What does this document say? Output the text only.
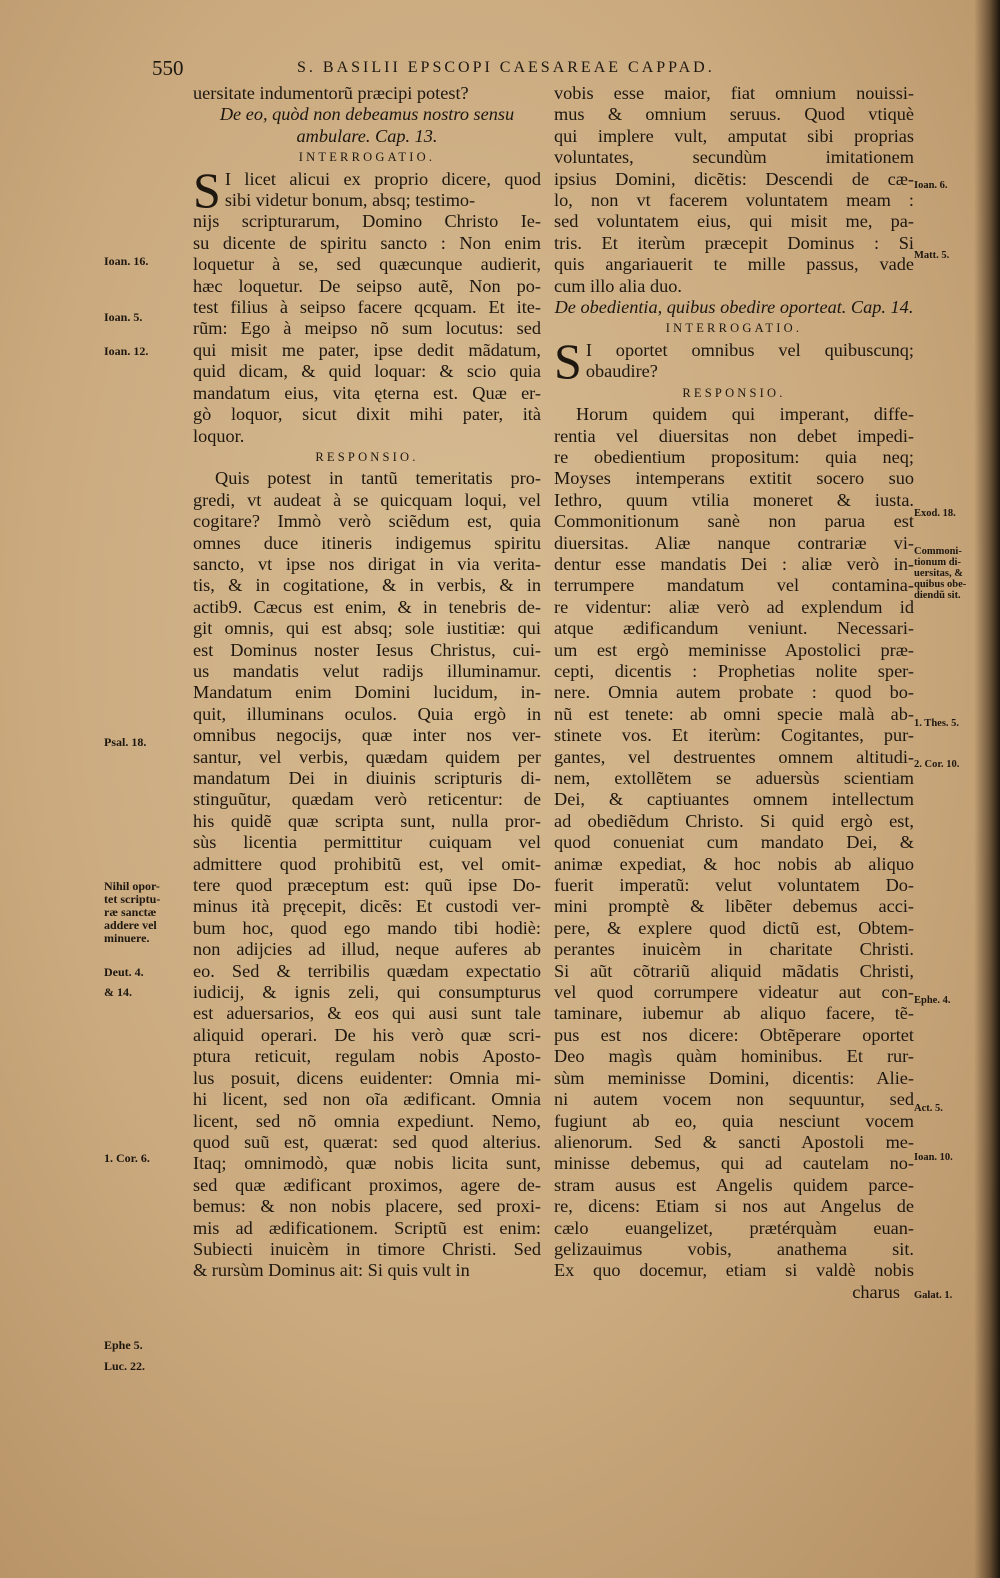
550	S. BASILII EPSCOPI CAESAREAE CAPPAD.
uersitate indumentorũ præcipi potest?
De eo, quòd non debeamus nostro sensu
ambulare. Cap. 13.
INTERROGATIO.
S I licet alicui ex proprio dicere, quod
sibi videtur bonum, absq; testimo-
nijs scripturarum, Domino Christo Ie-
su dicente de spiritu sancto : Non enim
loquetur à se, sed quæcunque audierit,
hæc loquetur. De seipso autẽ, Non po-
test filius à seipso facere qcquam. Et ite-
rũm: Ego à meipso nõ sum locutus: sed
qui misit me pater, ipse dedit mãdatum,
quid dicam, & quid loquar: & scio quia
mandatum eius, vita ęterna est. Quæ er-
gò loquor, sicut dixit mihi pater, ità
loquor.
RESPONSIO.
Quis potest in tantũ temeritatis pro-
gredi, vt audeat à se quicquam loqui, vel
cogitare? Immò verò sciẽdum est, quia
omnes duce itineris indigemus spiritu
sancto, vt ipse nos dirigat in via verita-
tis, & in cogitatione, & in verbis, & in
actib9. Cæcus est enim, & in tenebris de-
git omnis, qui est absq; sole iustitiæ: qui
est Dominus noster Iesus Christus, cui-
us mandatis velut radijs illuminamur.
Mandatum enim Domini lucidum, in-
quit, illuminans oculos. Quia ergò in
omnibus negocijs, quæ inter nos ver-
santur, vel verbis, quædam quidem per
mandatum Dei in diuinis scripturis di-
stinguũtur, quædam verò reticentur: de
his quidẽ quæ scripta sunt, nulla pror-
sùs licentia permittitur cuiquam vel
admittere quod prohibitũ est, vel omit-
tere quod præceptum est: quũ ipse Do-
minus ità pręcepit, dicẽs: Et custodi ver-
bum hoc, quod ego mando tibi hodiè:
non adijcies ad illud, neque auferes ab
eo. Sed & terribilis quædam expectatio
iudicij, & ignis zeli, qui consumpturus
est aduersarios, & eos qui ausi sunt tale
aliquid operari. De his verò quæ scri-
ptura reticuit, regulam nobis Aposto-
lus posuit, dicens euidenter: Omnia mi-
hi licent, sed non oĩa ædificant. Omnia
licent, sed nõ omnia expediunt. Nemo,
quod suũ est, quærat: sed quod alterius.
Itaq; omnimodò, quæ nobis licita sunt,
sed quæ ædificant proximos, agere de-
bemus: & non nobis placere, sed proxi-
mis ad ædificationem. Scriptũ est enim:
Subiecti inuicèm in timore Christi. Sed
& rursùm Dominus ait: Si quis vult in
vobis esse maior, fiat omnium nouissi-
mus & omnium seruus. Quod vtiquè
qui implere vult, amputat sibi proprias
voluntates, secundùm imitationem
ipsius Domini, dicẽtis: Descendi de cæ-
lo, non vt facerem voluntatem meam :
sed voluntatem eius, qui misit me, pa-
tris. Et iterùm præcepit Dominus : Si
quis angariauerit te mille passus, vade
cum illo alia duo.
De obedientia, quibus obedire oporteat. Cap. 14.
INTERROGATIO.
S I oportet omnibus vel quibuscunq;
obaudire?
RESPONSIO.
Horum quidem qui imperant, diffe-
rentia vel diuersitas non debet impedi-
re obedientium propositum: quia neq;
Moyses intemperans extitit socero suo
Iethro, quum vtilia moneret & iusta.
Commonitionum sanè non parua est
diuersitas. Aliæ nanque contrariæ vi-
dentur esse mandatis Dei : aliæ verò in-
terrumpere mandatum vel contamina-
re videntur: aliæ verò ad explendum id
atque ædificandum veniunt. Necessari-
um est ergò meminisse Apostolici præ-
cepti, dicentis : Prophetias nolite sper-
nere. Omnia autem probate : quod bo-
nũ est tenete: ab omni specie malà ab-
stinete vos. Et iterùm: Cogitantes, pur-
gantes, vel destruentes omnem altitudi-
nem, extollẽtem se aduersùs scientiam
Dei, & captiuantes omnem intellectum
ad obediẽdum Christo. Si quid ergò est,
quod conueniat cum mandato Dei, &
animæ expediat, & hoc nobis ab aliquo
fuerit imperatũ: velut voluntatem Do-
mini promptè & libẽter debemus acci-
pere, & explere quod dictũ est, Obtem-
perantes inuicèm in charitate Christi.
Si aũt cõtrariũ aliquid mãdatis Christi,
vel quod corrumpere videatur aut con-
taminare, iubemur ab aliquo facere, tẽ-
pus est nos dicere: Obtẽperare oportet
Deo magìs quàm hominibus. Et rur-
sùm meminisse Domini, dicentis: Alie-
ni autem vocem non sequuntur, sed
fugiunt ab eo, quia nesciunt vocem
alienorum. Sed & sancti Apostoli me-
minisse debemus, qui ad cautelam no-
stram ausus est Angelis quidem parce-
re, dicens: Etiam si nos aut Angelus de
cælo euangelizet, prætérquàm euan-
gelizauimus vobis, anathema sit.
Ex quo docemur, etiam si valdè nobis
charus
Ioan. 16.
Ioan. 5.
Ioan. 12.
Psal. 18.
Nihil opor-
tet scriptu-
ræ sanctæ
addere vel
minuere.
Deut. 4.
& 14.
1. Cor. 6.
Ephe 5.
Luc. 22.
Ioan. 6.
Matt. 5.
Exod. 18.
Commoni-
tionum di-
uersitas, &
quibus obe-
diendũ sit.
1. Thes. 5.
2. Cor. 10.
Ephe. 4.
Act. 5.
Ioan. 10.
Galat. 1.
